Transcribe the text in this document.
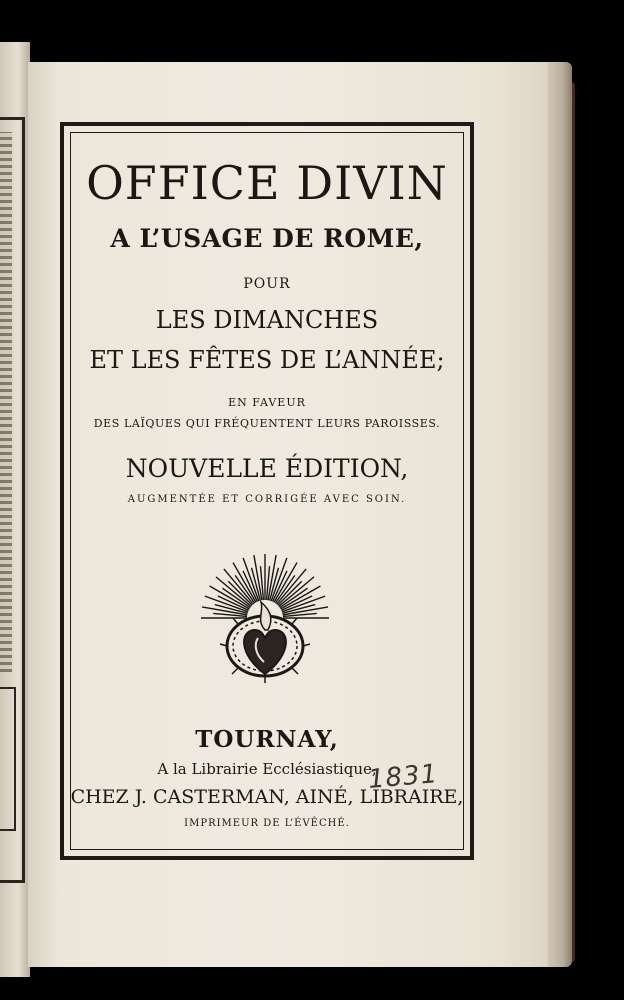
OFFICE DIVIN
A L’USAGE DE ROME,
POUR
LES DIMANCHES
ET LES FÊTES DE L’ANNÉE;
EN FAVEUR
DES LAÏQUES QUI FRÉQUENTENT LEURS PAROISSES.
NOUVELLE ÉDITION,
AUGMENTÉE ET CORRIGÉE AVEC SOIN.
TOURNAY,
A la Librairie Ecclésiastique,
CHEZ J. CASTERMAN, AINÉ, LIBRAIRE,
IMPRIMEUR DE L’ÉVÊCHÉ.
1831
